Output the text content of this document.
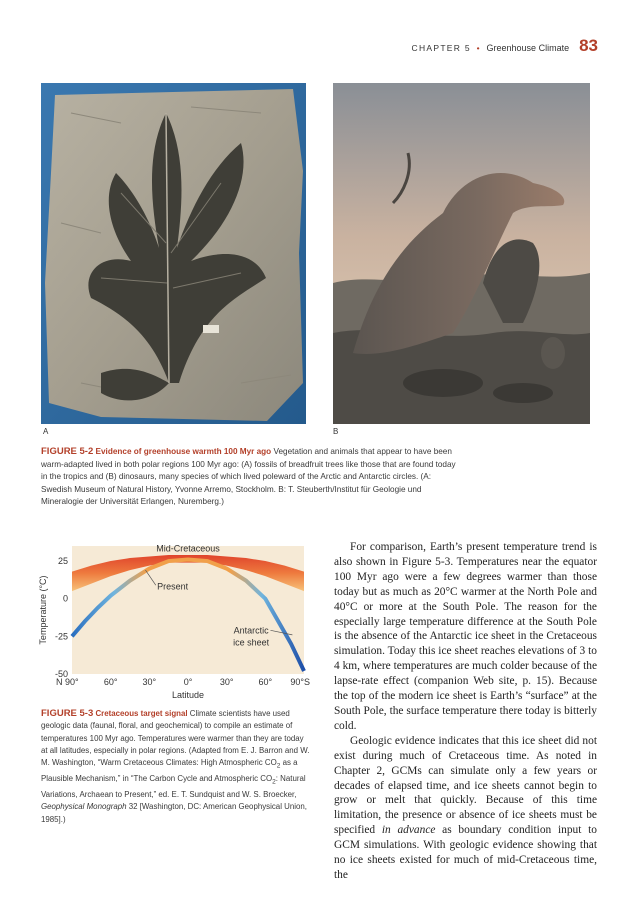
CHAPTER 5 • Greenhouse Climate 83
A	B
FIGURE 5-2 Evidence of greenhouse warmth 100 Myr ago Vegetation and animals that appear to have been warm-adapted lived in both polar regions 100 Myr ago: (A) fossils of breadfruit trees like those that are found today in the tropics and (B) dinosaurs, many species of which lived poleward of the Arctic and Antarctic circles. (A: Swedish Museum of Natural History, Yvonne Arremo, Stockholm. B: T. Steuberth/Institut für Geologie und Mineralogie der Universität Erlangen, Nuremberg.)
Mid-Cretaceous
Present
Antarctic
ice sheet
25
0
-25
-50
N 90°	60°	30°	0°	30°	60° 90°S
Temperature (°C)
Latitude
FIGURE 5-3 Cretaceous target signal Climate scientists have used geologic data (faunal, floral, and geochemical) to compile an estimate of temperatures 100 Myr ago. Temperatures were warmer than they are today at all latitudes, especially in polar regions. (Adapted from E. J. Barron and W. M. Washington, “Warm Cretaceous Climates: High Atmospheric $CO_2$ as a Plausible Mechanism,” in “The Carbon Cycle and Atmospheric $CO_2$: Natural Variations, Archaean to Present,” ed. E. T. Sundquist and W. S. Broecker, Geophysical Monograph 32 [Washington, DC: American Geophysical Union, 1985].)

For comparison, Earth’s present temperature trend is also shown in Figure 5-3. Temperatures near the equator 100 Myr ago were a few degrees warmer than those today but as much as 20°C warmer at the North Pole and 40°C or more at the South Pole. The reason for the especially large temperature difference at the South Pole is the absence of the Antarctic ice sheet in the Cretaceous simulation. Today this ice sheet reaches elevations of 3 to 4 km, where temperatures are much colder because of the lapse-rate effect (companion Web site, p. 15). Because the top of the modern ice sheet is Earth’s “surface” at the South Pole, the surface temperature there today is bitterly cold.

Geologic evidence indicates that this ice sheet did not exist during much of Cretaceous time. As noted in Chapter 2, GCMs can simulate only a few years or decades of elapsed time, and ice sheets cannot begin to grow or melt that quickly. Because of this time limitation, the presence or absence of ice sheets must be specified in advance as boundary condition input to GCM simulations. With geologic evidence showing that no ice sheets existed for much of mid-Cretaceous time, the
